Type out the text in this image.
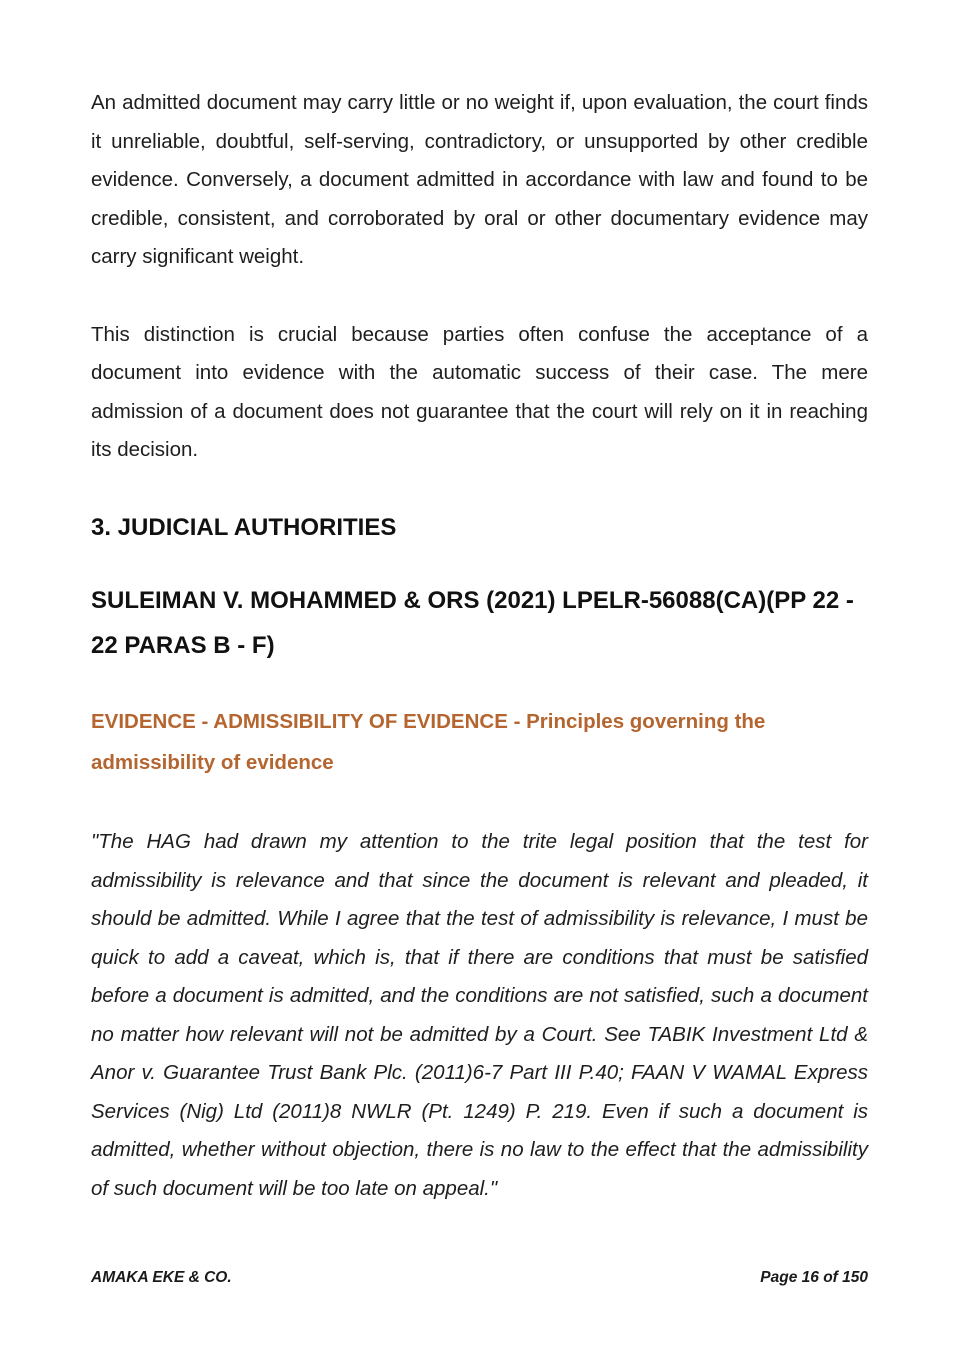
An admitted document may carry little or no weight if, upon evaluation, the court finds it unreliable, doubtful, self-serving, contradictory, or unsupported by other credible evidence. Conversely, a document admitted in accordance with law and found to be credible, consistent, and corroborated by oral or other documentary evidence may carry significant weight.

This distinction is crucial because parties often confuse the acceptance of a document into evidence with the automatic success of their case. The mere admission of a document does not guarantee that the court will rely on it in reaching its decision.

3. JUDICIAL AUTHORITIES
SULEIMAN V. MOHAMMED & ORS (2021) LPELR-56088(CA)(PP 22 - 22 PARAS B - F)

EVIDENCE - ADMISSIBILITY OF EVIDENCE - Principles governing the admissibility of evidence

"The HAG had drawn my attention to the trite legal position that the test for admissibility is relevance and that since the document is relevant and pleaded, it should be admitted. While I agree that the test of admissibility is relevance, I must be quick to add a caveat, which is, that if there are conditions that must be satisfied before a document is admitted, and the conditions are not satisfied, such a document no matter how relevant will not be admitted by a Court. See TABIK Investment Ltd & Anor v. Guarantee Trust Bank Plc. (2011)6-7 Part III P.40; FAAN V WAMAL Express Services (Nig) Ltd (2011)8 NWLR (Pt. 1249) P. 219. Even if such a document is admitted, whether without objection, there is no law to the effect that the admissibility of such document will be too late on appeal."

AMAKA EKE & CO.	Page 16 of 150
